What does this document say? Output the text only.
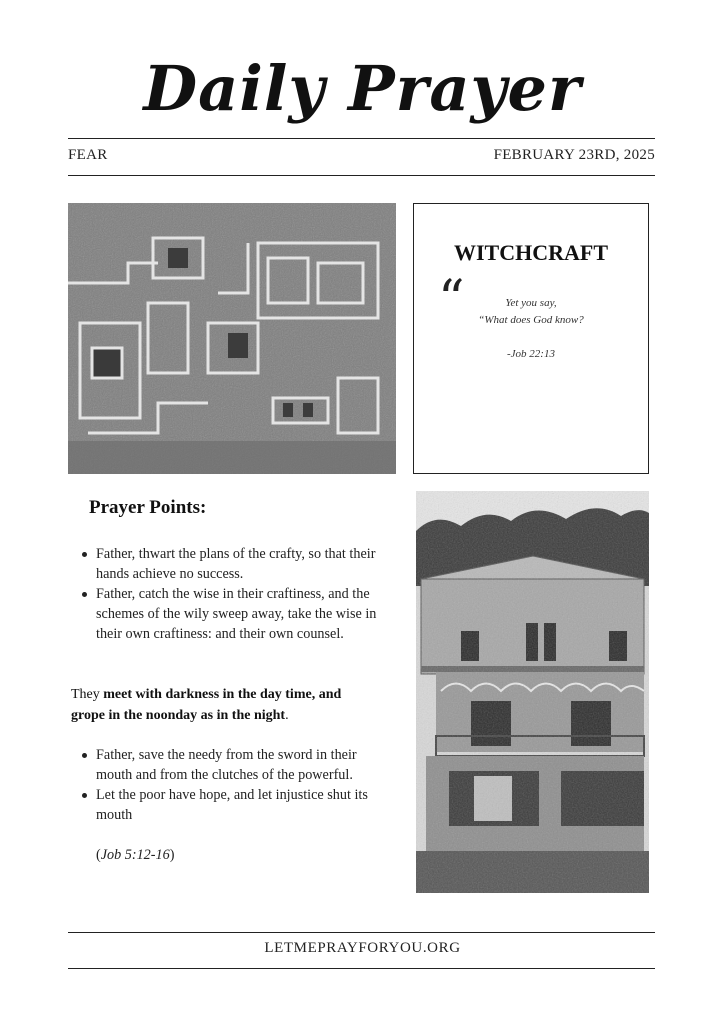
Daily Prayer
FEAR	FEBRUARY 23RD, 2025
WITCHCRAFT
“	Yet you say,
“What does God know?
-Job 22:13
Prayer Points:
Father, thwart the plans of the crafty, so that their hands achieve no success.
Father, catch the wise in their craftiness, and the schemes of the wily sweep away, take the wise in their own craftiness: and their own counsel.
They meet with darkness in the day time, and grope in the noonday as in the night.
Father, save the needy from the sword in their mouth and from the clutches of the powerful.
Let the poor have hope, and let injustice shut its mouth
(Job 5:12-16)
LETMEPRAYFORYOU.ORG
